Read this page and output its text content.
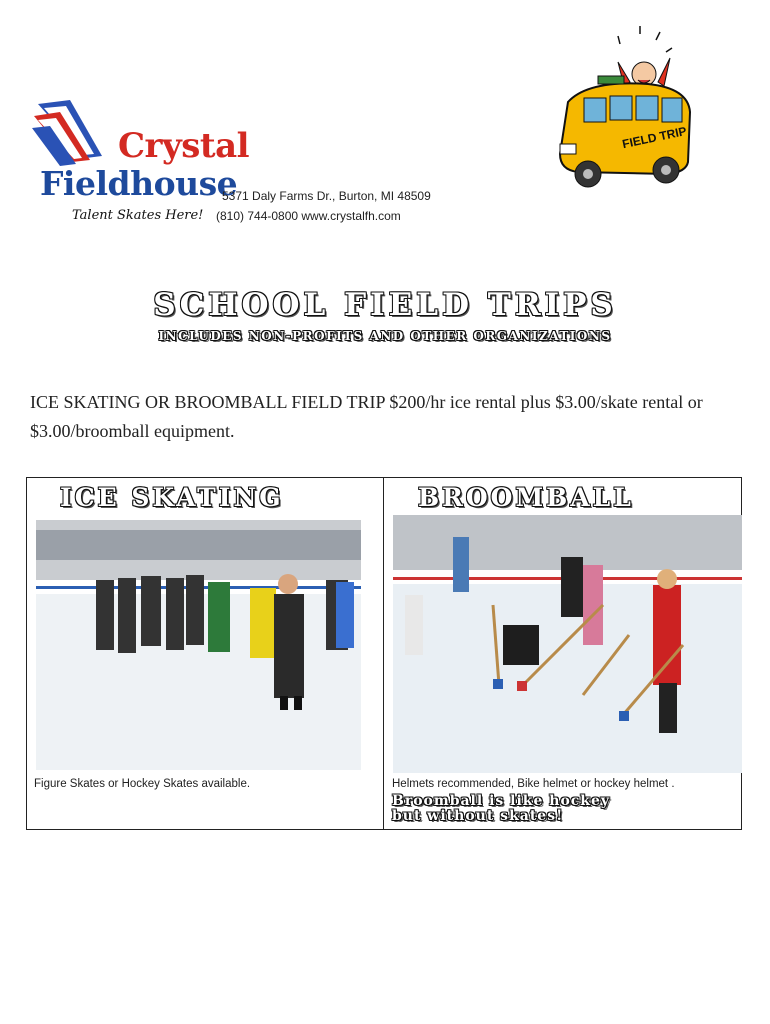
Crystal
Fieldhouse
Talent Skates Here!
5371 Daly Farms Dr., Burton, MI 48509
(810) 744-0800 www.crystalfh.com
FIELD TRIP
SCHOOL FIELD TRIPS
INCLUDES NON-PROFITS AND OTHER ORGANIZATIONS
ICE SKATING OR BROOMBALL FIELD TRIP $200/hr ice rental plus $3.00/skate rental or $3.00/broomball equipment.
ICE SKATING	BROOMBALL
Figure Skates or Hockey Skates available.	Helmets recommended, Bike helmet or hockey helmet .
Broomball is like hockey
but without skates!
